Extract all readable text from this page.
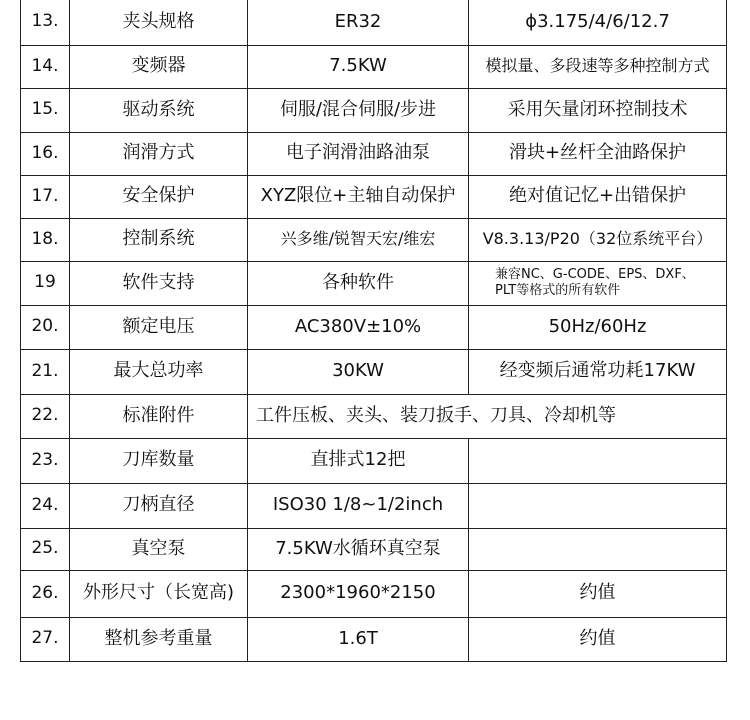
13.	夹头规格	ER32	ϕ3.175/4/6/12.7
14.	变频器	7.5KW	模拟量、多段速等多种控制方式
15.	驱动系统	伺服/混合伺服/步进	采用矢量闭环控制技术
16.	润滑方式	电子润滑油路油泵	滑块+丝杆全油路保护
17.	安全保护	XYZ限位+主轴自动保护	绝对值记忆+出错保护
18.	控制系统	兴多维/锐智天宏/维宏	V8.3.13/P20（32位系统平台）
19	软件支持	各种软件	兼容NC、G-CODE、EPS、DXF、
PLT等格式的所有软件

20.	额定电压	AC380V±10%	50Hz/60Hz
21.	最大总功率	30KW	经变频后通常功耗17KW
22.	标准附件	工件压板、夹头、装刀扳手、刀具、冷却机等	
23.	刀库数量	直排式12把	
24.	刀柄直径	ISO30 1/8~1/2inch	
25.	真空泵	7.5KW水循环真空泵	
26.	外形尺寸（长宽高)	2300*1960*2150	约值
27.	整机参考重量	1.6T	约值
